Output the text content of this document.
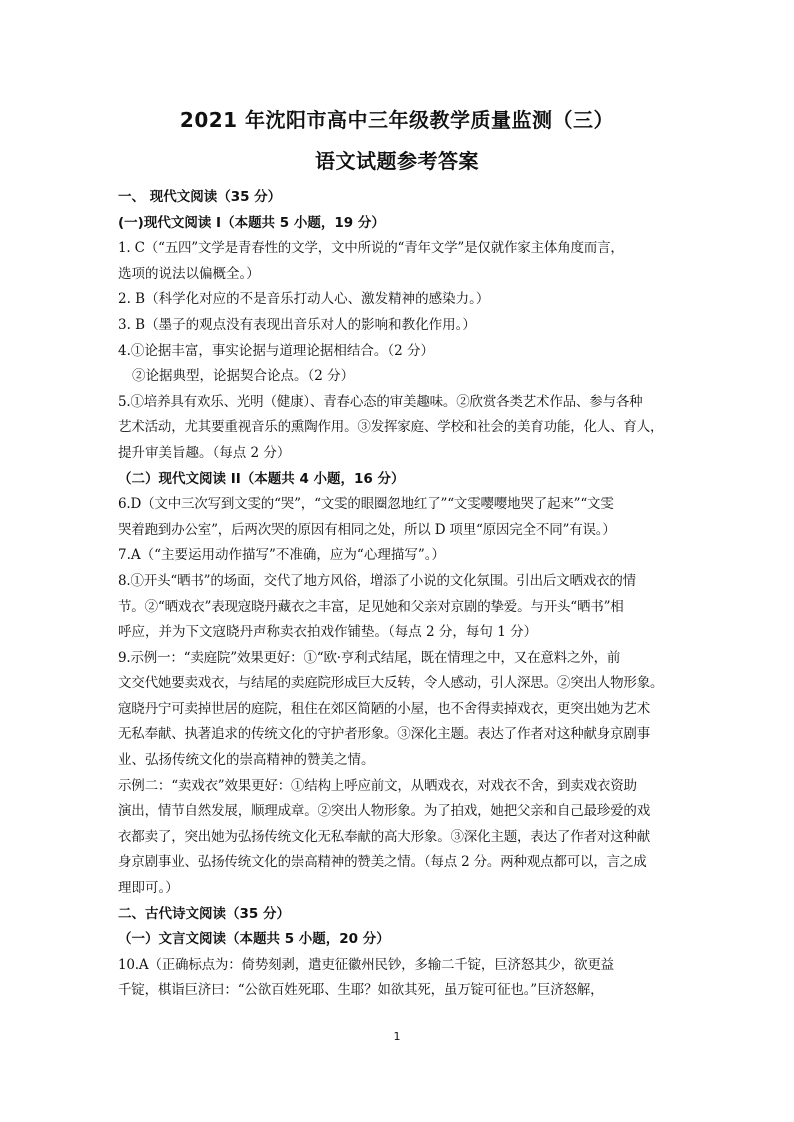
2021 年沈阳市高中三年级教学质量监测（三）
语文试题参考答案
一、 现代文阅读（35 分）
(一)现代文阅读 I（本题共 5 小题，19 分）
1. C（“五四”文学是青春性的文学，文中所说的“青年文学”是仅就作家主体角度而言，
选项的说法以偏概全。）
2. B（科学化对应的不是音乐打动人心、激发精神的感染力。）
3. B（墨子的观点没有表现出音乐对人的影响和教化作用。）
4.①论据丰富，事实论据与道理论据相结合。（2 分）
②论据典型，论据契合论点。（2 分）
5.①培养具有欢乐、光明（健康）、青春心态的审美趣味。②欣赏各类艺术作品、参与各种
艺术活动，尤其要重视音乐的熏陶作用。③发挥家庭、学校和社会的美育功能，化人、育人，
提升审美旨趣。（每点 2 分）
（二）现代文阅读 II（本题共 4 小题，16 分）
6.D（文中三次写到文雯的“哭”，“文雯的眼圈忽地红了”“文雯嘤嘤地哭了起来”“文雯
哭着跑到办公室”，后两次哭的原因有相同之处，所以 D 项里“原因完全不同”有误。）
7.A（“主要运用动作描写”不准确，应为“心理描写”。）
8.①开头“晒书”的场面，交代了地方风俗，增添了小说的文化氛围。引出后文晒戏衣的情
节。②“晒戏衣”表现寇晓丹藏衣之丰富，足见她和父亲对京剧的挚爱。与开头“晒书”相
呼应，并为下文寇晓丹声称卖衣拍戏作铺垫。（每点 2 分，每句 1 分）
9.示例一：“卖庭院”效果更好：①“欧·亨利式结尾，既在情理之中，又在意料之外，前
文交代她要卖戏衣，与结尾的卖庭院形成巨大反转，令人感动，引人深思。②突出人物形象。
寇晓丹宁可卖掉世居的庭院，租住在郊区简陋的小屋，也不舍得卖掉戏衣，更突出她为艺术
无私奉献、执著追求的传统文化的守护者形象。③深化主题。表达了作者对这种献身京剧事
业、弘扬传统文化的崇高精神的赞美之情。
示例二：“卖戏衣”效果更好：①结构上呼应前文，从晒戏衣，对戏衣不舍，到卖戏衣资助
演出，情节自然发展，顺理成章。②突出人物形象。为了拍戏，她把父亲和自己最珍爱的戏
衣都卖了，突出她为弘扬传统文化无私奉献的高大形象。③深化主题，表达了作者对这种献
身京剧事业、弘扬传统文化的崇高精神的赞美之情。（每点 2 分。两种观点都可以，言之成
理即可。）
二、古代诗文阅读（35 分）
（一）文言文阅读（本题共 5 小题，20 分）
10.A（正确标点为：倚势刻剥，遣吏征徽州民钞，多输二千锭，巨济怒其少，欲更益
千锭，棋诣巨济曰：“公欲百姓死耶、生耶？如欲其死，虽万锭可征也。”巨济怒解，
1
